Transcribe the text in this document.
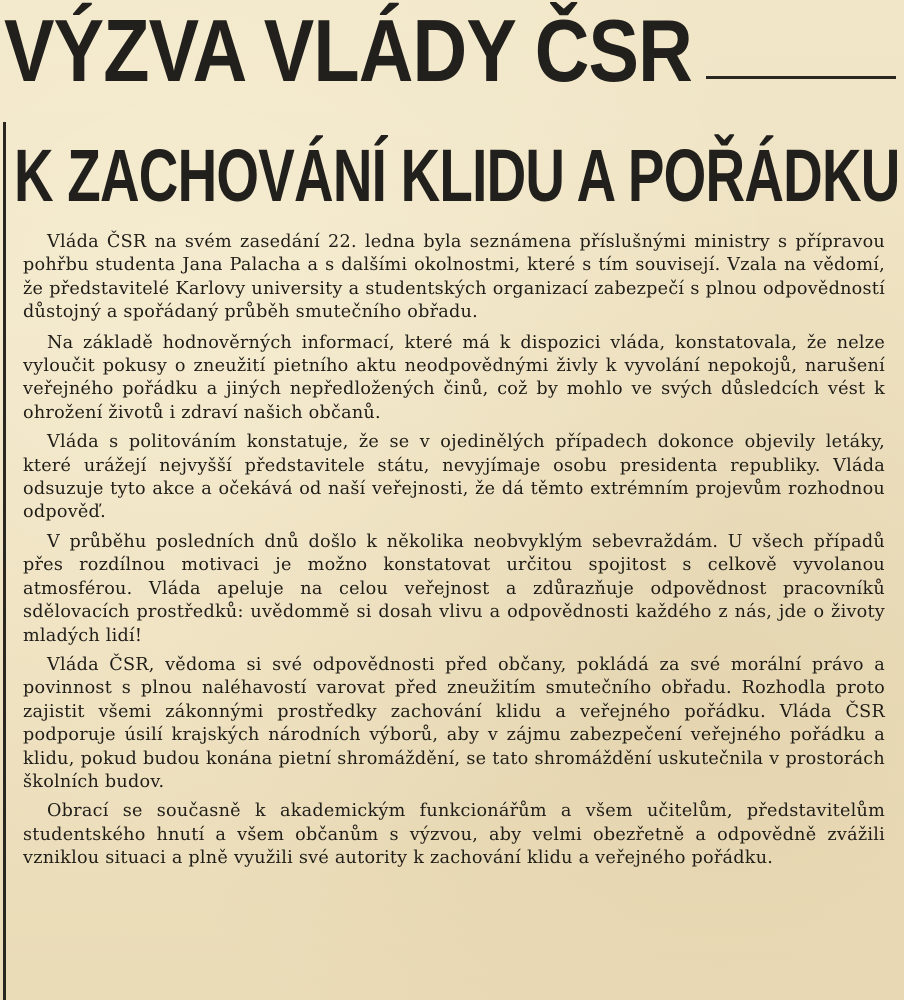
VÝZVA VLÁDY ČSR
K ZACHOVÁNÍ KLIDU A POŘÁDKU

Vláda ČSR na svém zasedání 22. ledna byla seznámena příslušnými ministry s přípravou pohřbu studenta Jana Palacha a s dalšími okolnostmi, které s tím souvisejí. Vzala na vědomí, že představitelé Karlovy university a studentských organizací zabezpečí s plnou odpovědností důstojný a spořádaný průběh smutečního obřadu.

Na základě hodnověrných informací, které má k dispozici vláda, konstatovala, že nelze vyloučit pokusy o zneužití pietního aktu neodpovědnými živly k vyvolání nepokojů, narušení veřejného pořádku a jiných nepředložených činů, což by mohlo ve svých důsledcích vést k ohrožení životů i zdraví našich občanů.

Vláda s politováním konstatuje, že se v ojedinělých případech dokonce objevily letáky, které urážejí nejvyšší představitele státu, nevyjímaje osobu presidenta republiky. Vláda odsuzuje tyto akce a očekává od naší veřejnosti, že dá těmto extrémním projevům rozhodnou odpověď.

V průběhu posledních dnů došlo k několika neobvyklým sebevraždám. U všech případů přes rozdílnou motivaci je možno konstatovat určitou spojitost s celkově vyvolanou atmosférou. Vláda apeluje na celou veřejnost a zdůrazňuje odpovědnost pracovníků sdělovacích prostředků: uvědommě si dosah vlivu a odpovědnosti každého z nás, jde o životy mladých lidí!

Vláda ČSR, vědoma si své odpovědnosti před občany, pokládá za své morální právo a povinnost s plnou naléhavostí varovat před zneužitím smutečního obřadu. Rozhodla proto zajistit všemi zákonnými prostředky zachování klidu a veřejného pořádku. Vláda ČSR podporuje úsilí krajských národních výborů, aby v zájmu zabezpečení veřejného pořádku a klidu, pokud budou konána pietní shromáždění, se tato shromáždění uskutečnila v prostorách školních budov.

Obrací se současně k akademickým funkcionářům a všem učitelům, představitelům studentského hnutí a všem občanům s výzvou, aby velmi obezřetně a odpovědně zvážili vzniklou situaci a plně využili své autority k zachování klidu a veřejného pořádku.
